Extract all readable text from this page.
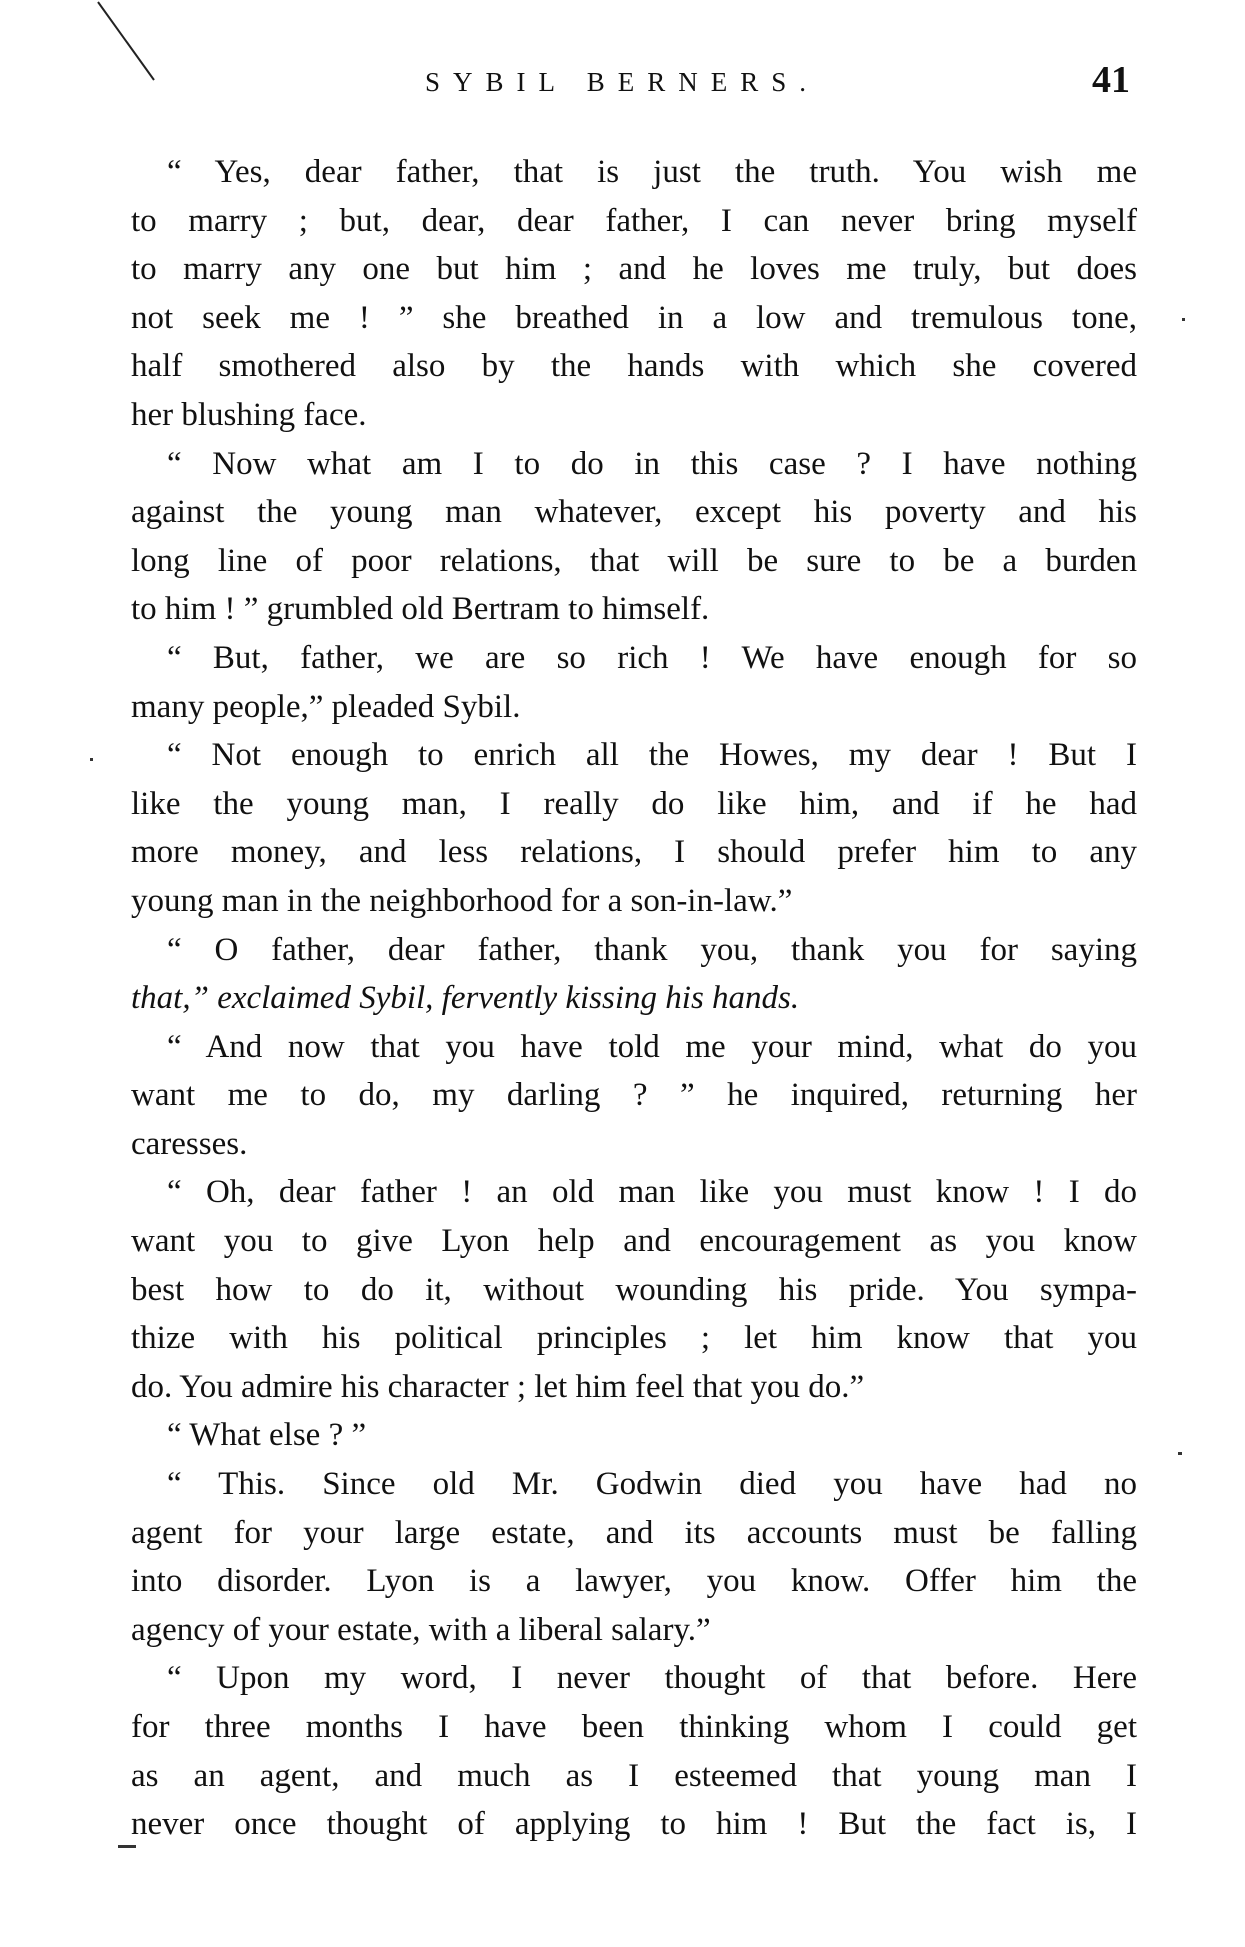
SYBIL BERNERS.	41

“ Yes, dear father, that is just the truth. You wish me
to marry ; but, dear, dear father, I can never bring myself
to marry any one but him ; and he loves me truly, but does
not seek me ! ” she breathed in a low and tremulous tone,
half smothered also by the hands with which she covered
her blushing face.

“ Now what am I to do in this case ? I have nothing
against the young man whatever, except his poverty and his
long line of poor relations, that will be sure to be a burden
to him ! ” grumbled old Bertram to himself.

“ But, father, we are so rich ! We have enough for so
many people,” pleaded Sybil.

“ Not enough to enrich all the Howes, my dear ! But I
like the young man, I really do like him, and if he had
more money, and less relations, I should prefer him to any
young man in the neighborhood for a son-in-law.”

“ O father, dear father, thank you, thank you for saying
that,” exclaimed Sybil, fervently kissing his hands.

“ And now that you have told me your mind, what do you
want me to do, my darling ? ” he inquired, returning her
caresses.

“ Oh, dear father ! an old man like you must know ! I do
want you to give Lyon help and encouragement as you know
best how to do it, without wounding his pride. You sympa-
thize with his political principles ; let him know that you
do. You admire his character ; let him feel that you do.”

“ What else ? ”

“ This. Since old Mr. Godwin died you have had no
agent for your large estate, and its accounts must be falling
into disorder. Lyon is a lawyer, you know. Offer him the
agency of your estate, with a liberal salary.”

“ Upon my word, I never thought of that before. Here
for three months I have been thinking whom I could get
as an agent, and much as I esteemed that young man I
never once thought of applying to him ! But the fact is, I
